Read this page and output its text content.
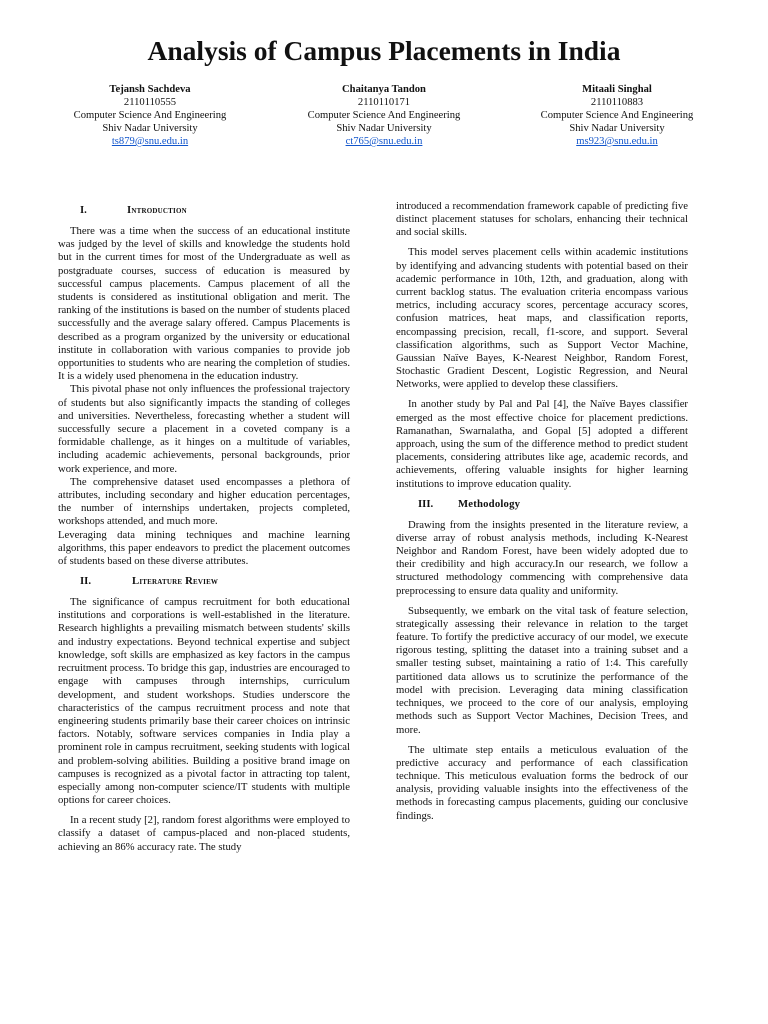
Analysis of Campus Placements in India
Tejansh Sachdeva
2110110555
Computer Science And Engineering
Shiv Nadar University
ts879@snu.edu.in
Chaitanya Tandon
2110110171
Computer Science And Engineering
Shiv Nadar University
ct765@snu.edu.in
Mitaali Singhal
2110110883
Computer Science And Engineering
Shiv Nadar University
ms923@snu.edu.in
I.	Introduction

There was a time when the success of an educational institute was judged by the level of skills and knowledge the students hold but in the current times for most of the Undergraduate as well as postgraduate courses, success of education is measured by successful campus placements. Campus placement of all the students is considered as institutional obligation and merit. The ranking of the institutions is based on the number of students placed successfully and the average salary offered. Campus Placements is described as a program organized by the university or educational institute in collaboration with various companies to provide job opportunities to students who are nearing the completion of studies. It is a widely used phenomena in the education industry.

This pivotal phase not only influences the professional trajectory of students but also significantly impacts the standing of colleges and universities. Nevertheless, forecasting whether a student will successfully secure a placement in a coveted company is a formidable challenge, as it hinges on a multitude of variables, including academic achievements, personal backgrounds, prior work experience, and more.

The comprehensive dataset used encompasses a plethora of attributes, including secondary and higher education percentages, the number of internships undertaken, projects completed, workshops attended, and much more.

Leveraging data mining techniques and machine learning algorithms, this paper endeavors to predict the placement outcomes of students based on these diverse attributes.

II.	Literature Review

The significance of campus recruitment for both educational institutions and corporations is well-established in the literature. Research highlights a prevailing mismatch between students' skills and industry expectations. Beyond technical expertise and subject knowledge, soft skills are emphasized as key factors in the campus recruitment process. To bridge this gap, industries are encouraged to engage with campuses through internships, curriculum development, and student workshops. Studies underscore the characteristics of the campus recruitment process and note that engineering students primarily base their career choices on intrinsic factors. Notably, software services companies in India play a prominent role in campus recruitment, seeking students with logical and problem-solving abilities. Building a positive brand image on campuses is recognized as a pivotal factor in attracting top talent, especially among non-computer science/IT students with multiple options for career choices.

In a recent study [2], random forest algorithms were employed to classify a dataset of campus-placed and non-placed students, achieving an 86% accuracy rate. The study

introduced a recommendation framework capable of predicting five distinct placement statuses for scholars, enhancing their technical and social skills.

This model serves placement cells within academic institutions by identifying and advancing students with potential based on their academic performance in 10th, 12th, and graduation, along with current backlog status. The evaluation criteria encompass various metrics, including accuracy scores, percentage accuracy scores, confusion matrices, heat maps, and classification reports, encompassing precision, recall, f1-score, and support. Several classification algorithms, such as Support Vector Machine, Gaussian Naïve Bayes, K-Nearest Neighbor, Random Forest, Stochastic Gradient Descent, Logistic Regression, and Neural Networks, were applied to develop these classifiers.

In another study by Pal and Pal [4], the Naïve Bayes classifier emerged as the most effective choice for placement predictions. Ramanathan, Swarnalatha, and Gopal [5] adopted a different approach, using the sum of the difference method to predict student placements, considering attributes like age, academic records, and achievements, offering valuable insights for higher learning institutions to improve education quality.

III.	Methodology

Drawing from the insights presented in the literature review, a diverse array of robust analysis methods, including K-Nearest Neighbor and Random Forest, have been widely adopted due to their credibility and high accuracy.In our research, we follow a structured methodology commencing with comprehensive data preprocessing to ensure data quality and uniformity.

Subsequently, we embark on the vital task of feature selection, strategically assessing their relevance in relation to the target feature. To fortify the predictive accuracy of our model, we execute rigorous testing, splitting the dataset into a training subset and a smaller testing subset, maintaining a ratio of 1:4. This carefully partitioned data allows us to scrutinize the performance of the model with precision. Leveraging data mining classification techniques, we proceed to the core of our analysis, employing methods such as Support Vector Machines, Decision Trees, and more.

The ultimate step entails a meticulous evaluation of the predictive accuracy and performance of each classification technique. This meticulous evaluation forms the bedrock of our analysis, providing valuable insights into the effectiveness of the methods in forecasting campus placements, guiding our conclusive findings.
